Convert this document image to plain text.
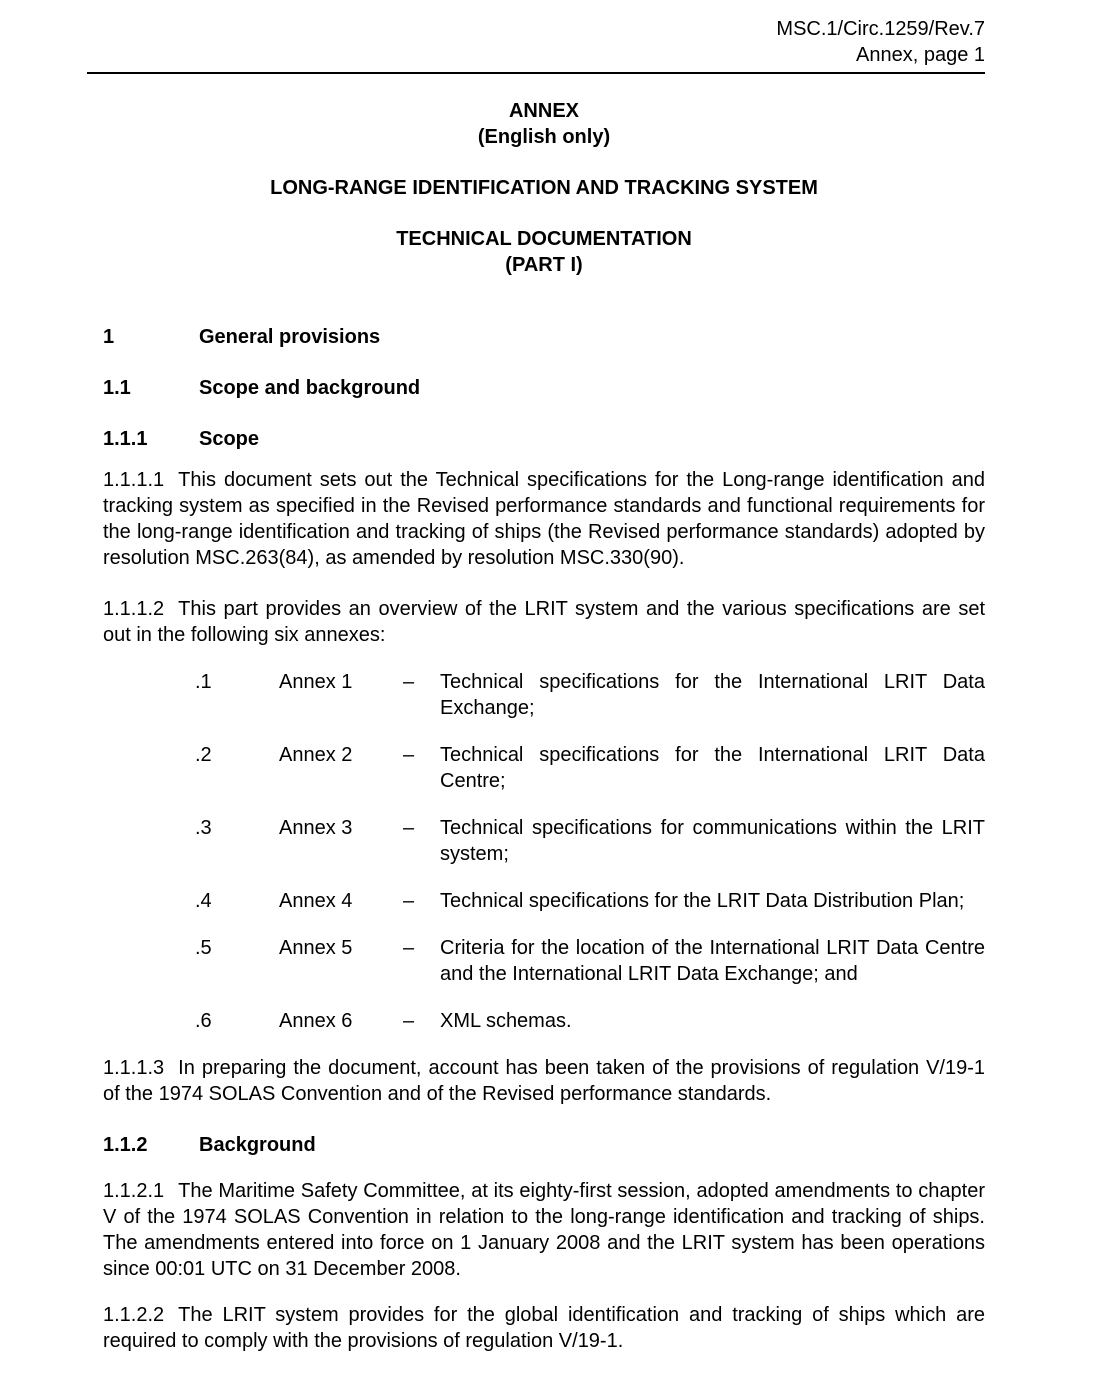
MSC.1/Circ.1259/Rev.7
Annex, page 1
ANNEX
(English only)
LONG-RANGE IDENTIFICATION AND TRACKING SYSTEM
TECHNICAL DOCUMENTATION
(PART I)
1	General provisions
1.1	Scope and background
1.1.1	Scope
1.1.1.1 This document sets out the Technical specifications for the Long-range identification and tracking system as specified in the Revised performance standards and functional requirements for the long-range identification and tracking of ships (the Revised performance standards) adopted by resolution MSC.263(84), as amended by resolution MSC.330(90).
1.1.1.2 This part provides an overview of the LRIT system and the various specifications are set out in the following six annexes:
.1	Annex 1	–	Technical specifications for the International LRIT Data Exchange;
.2	Annex 2	–	Technical specifications for the International LRIT Data Centre;
.3	Annex 3	–	Technical specifications for communications within the LRIT system;
.4	Annex 4	–	Technical specifications for the LRIT Data Distribution Plan;
.5	Annex 5	–	Criteria for the location of the International LRIT Data Centre and the International LRIT Data Exchange; and
.6	Annex 6	–	XML schemas.
1.1.1.3 In preparing the document, account has been taken of the provisions of regulation V/19-1 of the 1974 SOLAS Convention and of the Revised performance standards.
1.1.2	Background
1.1.2.1 The Maritime Safety Committee, at its eighty-first session, adopted amendments to chapter V of the 1974 SOLAS Convention in relation to the long-range identification and tracking of ships. The amendments entered into force on 1 January 2008 and the LRIT system has been operations since 00:01 UTC on 31 December 2008.
1.1.2.2 The LRIT system provides for the global identification and tracking of ships which are required to comply with the provisions of regulation V/19-1.
